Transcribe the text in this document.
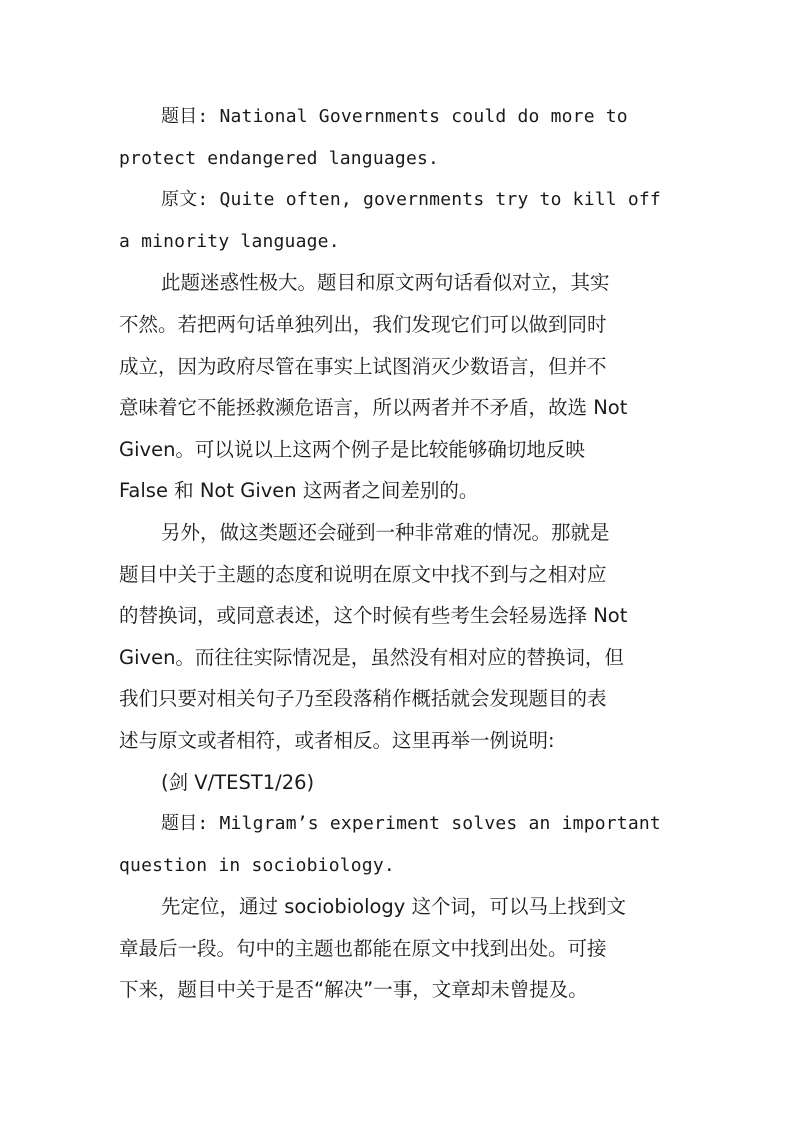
题目: National Governments could do more to
protect endangered languages.
原文: Quite often, governments try to kill off
a minority language.
此题迷惑性极大。题目和原文两句话看似对立，其实
不然。若把两句话单独列出，我们发现它们可以做到同时
成立，因为政府尽管在事实上试图消灭少数语言，但并不
意味着它不能拯救濒危语言，所以两者并不矛盾，故选 Not
Given。可以说以上这两个例子是比较能够确切地反映
False 和 Not Given 这两者之间差别的。
另外，做这类题还会碰到一种非常难的情况。那就是
题目中关于主题的态度和说明在原文中找不到与之相对应
的替换词，或同意表述，这个时候有些考生会轻易选择 Not
Given。而往往实际情况是，虽然没有相对应的替换词，但
我们只要对相关句子乃至段落稍作概括就会发现题目的表
述与原文或者相符，或者相反。这里再举一例说明:
(剑 V/TEST1/26)
题目: Milgram’s experiment solves an important
question in sociobiology.
先定位，通过 sociobiology 这个词，可以马上找到文
章最后一段。句中的主题也都能在原文中找到出处。可接
下来，题目中关于是否“解决”一事，文章却未曾提及。
